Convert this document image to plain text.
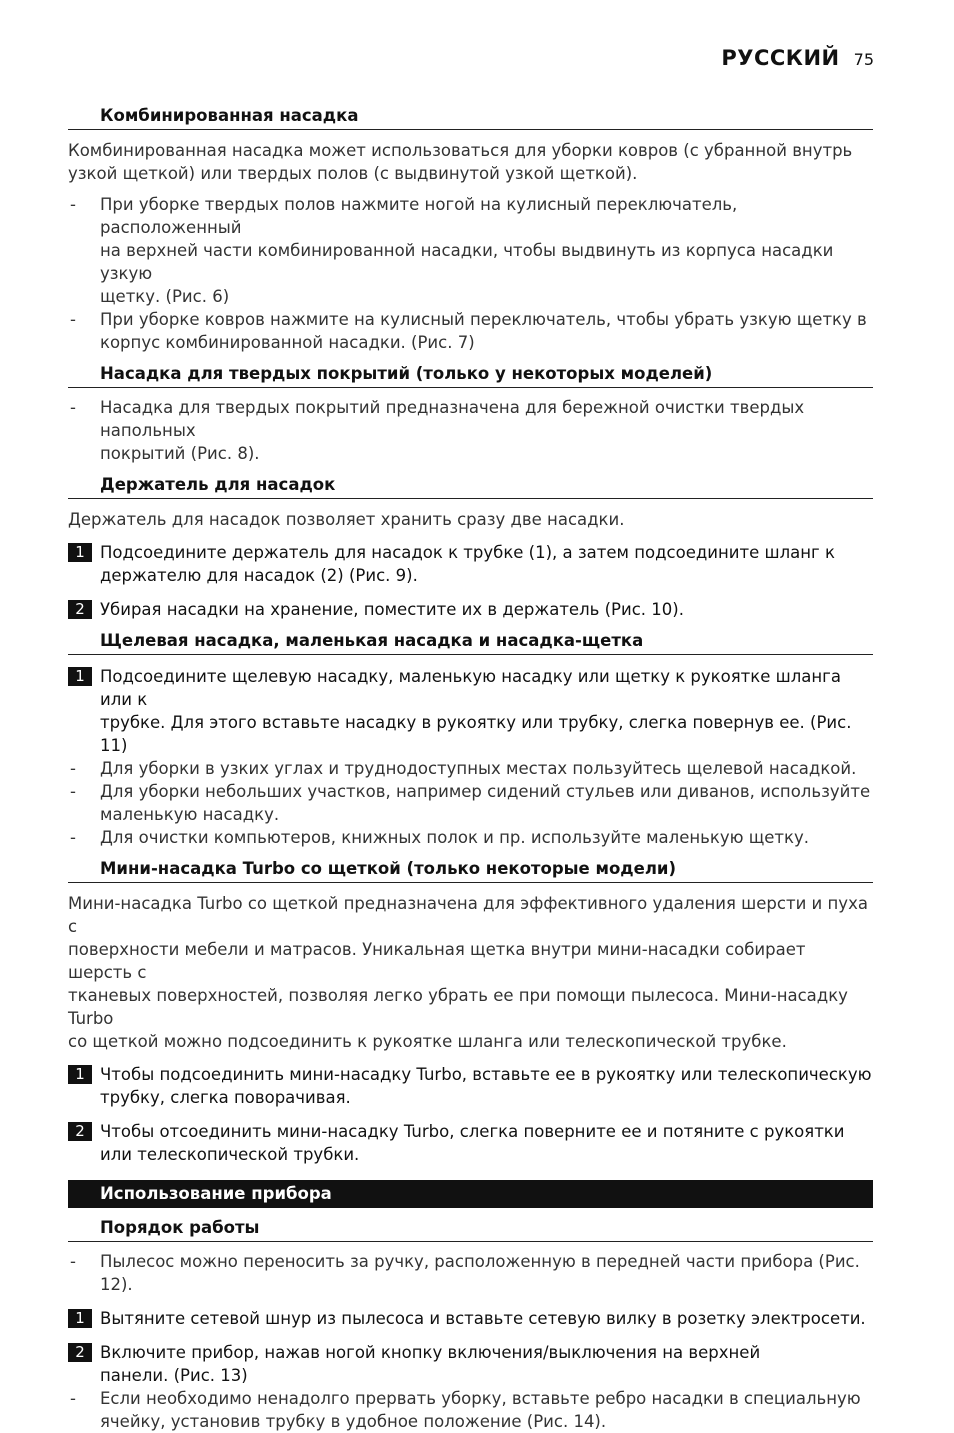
РУССКИЙ 75
Комбинированная насадка
Комбинированная насадка может использоваться для уборки ковров (с убранной внутрь
узкой щеткой) или твердых полов (с выдвинутой узкой щеткой).
- При уборке твердых полов нажмите ногой на кулисный переключатель, расположенный
на верхней части комбинированной насадки, чтобы выдвинуть из корпуса насадки узкую
щетку. (Рис. 6)
- При уборке ковров нажмите на кулисный переключатель, чтобы убрать узкую щетку в
корпус комбинированной насадки. (Рис. 7)
Насадка для твердых покрытий (только у некоторых моделей)
- Насадка для твердых покрытий предназначена для бережной очистки твердых напольных
покрытий (Рис. 8).
Держатель для насадок
Держатель для насадок позволяет хранить сразу две насадки.
1 Подсоедините держатель для насадок к трубке (1), а затем подсоедините шланг к
держателю для насадок (2) (Рис. 9).
2 Убирая насадки на хранение, поместите их в держатель (Рис. 10).
Щелевая насадка, маленькая насадка и насадка-щетка
1 Подсоедините щелевую насадку, маленькую насадку или щетку к рукоятке шланга или к
трубке. Для этого вставьте насадку в рукоятку или трубку, слегка повернув ее. (Рис. 11)
- Для уборки в узких углах и труднодоступных местах пользуйтесь щелевой насадкой.
- Для уборки небольших участков, например сидений стульев или диванов, используйте
маленькую насадку.
- Для очистки компьютеров, книжных полок и пр. используйте маленькую щетку.
Мини-насадка Turbo со щеткой (только некоторые модели)
Мини-насадка Turbo со щеткой предназначена для эффективного удаления шерсти и пуха с
поверхности мебели и матрасов. Уникальная щетка внутри мини-насадки собирает шерсть с
тканевых поверхностей, позволяя легко убрать ее при помощи пылесоса. Мини-насадку Turbo
со щеткой можно подсоединить к рукоятке шланга или телескопической трубке.
1 Чтобы подсоединить мини-насадку Turbo, вставьте ее в рукоятку или телескопическую
трубку, слегка поворачивая.
2 Чтобы отсоединить мини-насадку Turbo, слегка поверните ее и потяните с рукоятки
или телескопической трубки.
Использование прибора
Порядок работы
- Пылесос можно переносить за ручку, расположенную в передней части прибора (Рис. 12).
1 Вытяните сетевой шнур из пылесоса и вставьте сетевую вилку в розетку электросети.
2 Включите прибор, нажав ногой кнопку включения/выключения на верхней
панели. (Рис. 13)
- Если необходимо ненадолго прервать уборку, вставьте ребро насадки в специальную
ячейку, установив трубку в удобное положение (Рис. 14).
